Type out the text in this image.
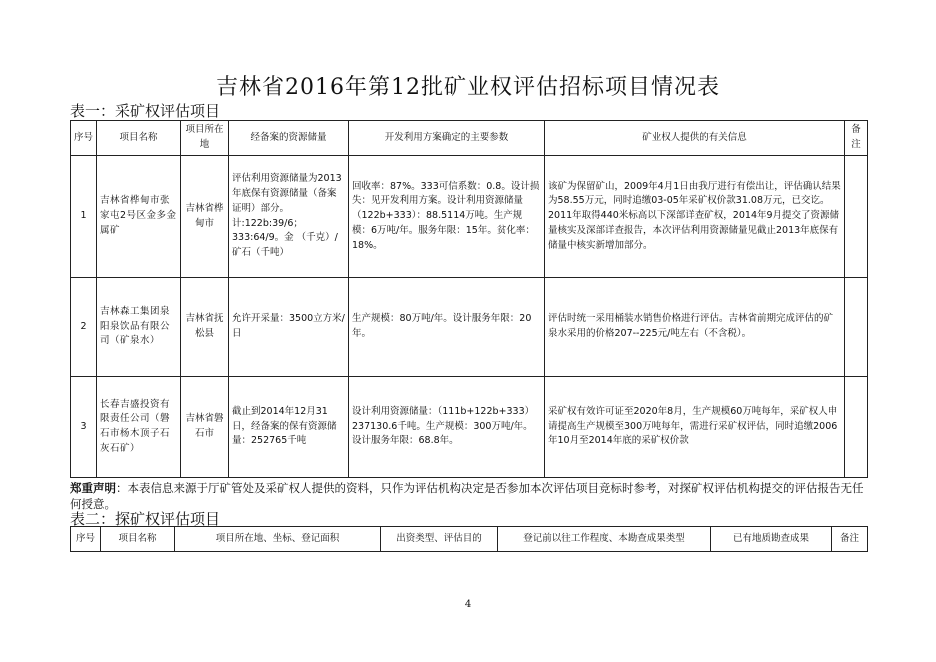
吉林省2016年第12批矿业权评估招标项目情况表
表一：采矿权评估项目
序号	项目名称	项目所在地	经备案的资源储量	开发利用方案确定的主要参数	矿业权人提供的有关信息	备注
1	吉林省桦甸市张家屯2号区金多金属矿	吉林省桦甸市	评估利用资源储量为2013年底保有资源储量（备案证明）部分。计:122b:39/6； 333:64/9。金 （千克）/矿石（千吨）	回收率：87%。333可信系数：0.8。设计损失：见开发利用方案。设计利用资源储量（122b+333）：88.5114万吨。生产规模：6万吨/年。服务年限：15年。贫化率：18%。	该矿为保留矿山，2009年4月1日由我厅进行有偿出让，评估确认结果为58.55万元，同时追缴03-05年采矿权价款31.08万元，已交讫。2011年取得440米标高以下深部详查矿权，2014年9月提交了资源储量核实及深部详查报告，本次评估利用资源储量见截止2013年底保有储量中核实新增加部分。	
2	吉林森工集团泉阳泉饮品有限公司（矿泉水）	吉林省抚松县	允许开采量：3500立方米/日	生产规模：80万吨/年。设计服务年限：20年。	评估时统一采用桶装水销售价格进行评估。吉林省前期完成评估的矿泉水采用的价格207--225元/吨左右（不含税）。	
3	长春吉盛投资有限责任公司（磐石市杨木顶子石灰石矿）	吉林省磐石市	截止到2014年12月31日，经备案的保有资源储量：252765千吨	设计利用资源储量：（111b+122b+333）237130.6千吨。生产规模：300万吨/年。设计服务年限：68.8年。	采矿权有效许可证至2020年8月，生产规模60万吨每年，采矿权人申请提高生产规模至300万吨每年，需进行采矿权评估，同时追缴2006年10月至2014年底的采矿权价款	
郑重声明：本表信息来源于厅矿管处及采矿权人提供的资料，只作为评估机构决定是否参加本次评估项目竞标时参考，对探矿权评估机构提交的评估报告无任何授意。
表二：探矿权评估项目
序号	项目名称	项目所在地、坐标、登记面积	出资类型、评估目的	登记前以往工作程度、本勘查成果类型	已有地质勘查成果	备注
4
